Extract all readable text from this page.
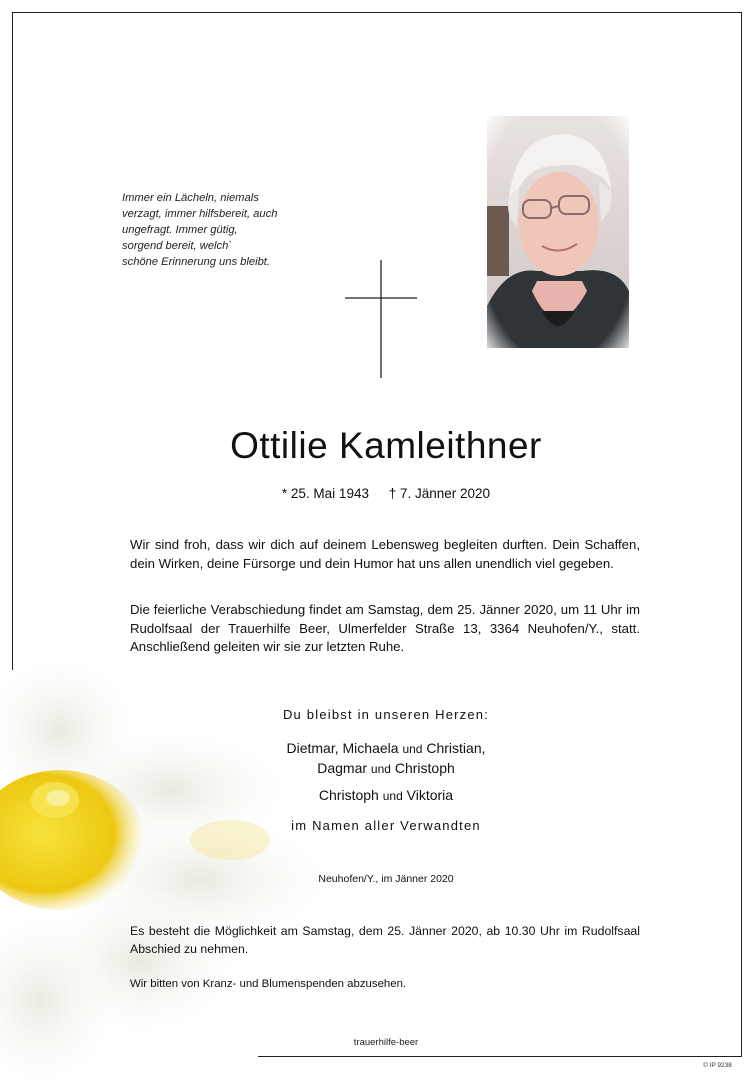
Immer ein Lächeln, niemals
verzagt, immer hilfsbereit, auch
ungefragt. Immer gütig,
sorgend bereit, welch`
schöne Erinnerung uns bleibt.
Ottilie Kamleithner
* 25. Mai 1943 † 7. Jänner 2020
Wir sind froh, dass wir dich auf deinem Lebensweg begleiten durften. Dein Schaffen, dein Wirken, deine Fürsorge und dein Humor hat uns allen unendlich viel gegeben.
Die feierliche Verabschiedung findet am Samstag, dem 25. Jänner 2020, um 11 Uhr im Rudolfsaal der Trauerhilfe Beer, Ulmerfelder Straße 13, 3364 Neuhofen/Y., statt. Anschließend geleiten wir sie zur letzten Ruhe.
Du bleibst in unseren Herzen:
Dietmar, Michaela und Christian,
Dagmar und Christoph
Christoph und Viktoria
im Namen aller Verwandten
Neuhofen/Y., im Jänner 2020
Es besteht die Möglichkeit am Samstag, dem 25. Jänner 2020, ab 10.30 Uhr im Rudolfsaal Abschied zu nehmen.
Wir bitten von Kranz- und Blumenspenden abzusehen.
trauerhilfe-beer
© IP 9238
